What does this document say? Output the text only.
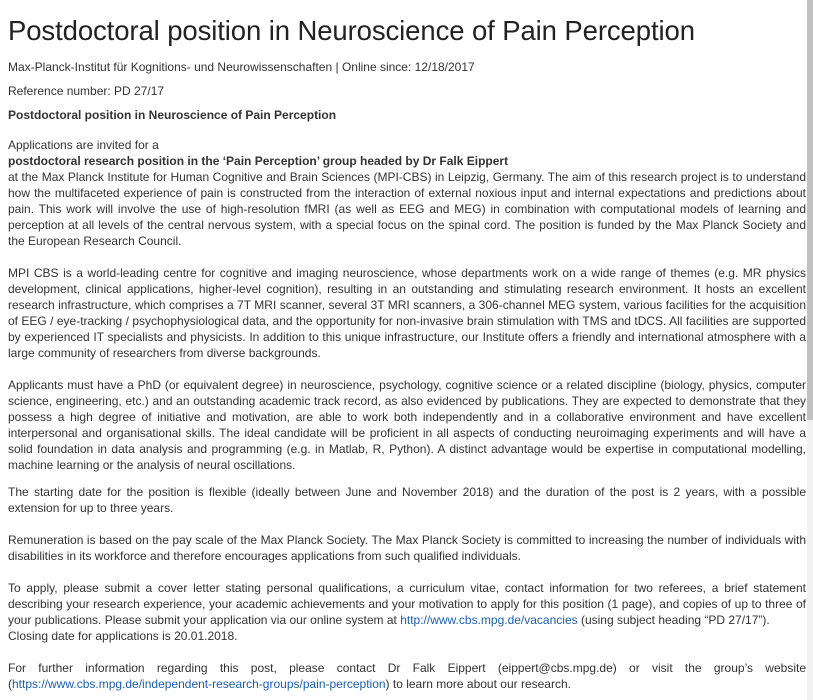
Postdoctoral position in Neuroscience of Pain Perception
Max-Planck-Institut für Kognitions- und Neurowissenschaften | Online since: 12/18/2017
Reference number: PD 27/17
Postdoctoral position in Neuroscience of Pain Perception

Applications are invited for a
postdoctoral research position in the ‘Pain Perception’ group headed by Dr Falk Eippert
at the Max Planck Institute for Human Cognitive and Brain Sciences (MPI-CBS) in Leipzig, Germany. The aim of this research project is to understand how the multifaceted experience of pain is constructed from the interaction of external noxious input and internal expectations and predictions about pain. This work will involve the use of high-resolution fMRI (as well as EEG and MEG) in combination with computational models of learning and perception at all levels of the central nervous system, with a special focus on the spinal cord. The position is funded by the Max Planck Society and the European Research Council.

MPI CBS is a world-leading centre for cognitive and imaging neuroscience, whose departments work on a wide range of themes (e.g. MR physics development, clinical applications, higher-level cognition), resulting in an outstanding and stimulating research environment. It hosts an excellent research infrastructure, which comprises a 7T MRI scanner, several 3T MRI scanners, a 306-channel MEG system, various facilities for the acquisition of EEG / eye-tracking / psychophysiological data, and the opportunity for non-invasive brain stimulation with TMS and tDCS. All facilities are supported by experienced IT specialists and physicists. In addition to this unique infrastructure, our Institute offers a friendly and international atmosphere with a large community of researchers from diverse backgrounds.

Applicants must have a PhD (or equivalent degree) in neuroscience, psychology, cognitive science or a related discipline (biology, physics, computer science, engineering, etc.) and an outstanding academic track record, as also evidenced by publications. They are expected to demonstrate that they possess a high degree of initiative and motivation, are able to work both independently and in a collaborative environment and have excellent interpersonal and organisational skills. The ideal candidate will be proficient in all aspects of conducting neuroimaging experiments and will have a solid foundation in data analysis and programming (e.g. in Matlab, R, Python). A distinct advantage would be expertise in computational modelling, machine learning or the analysis of neural oscillations.

The starting date for the position is flexible (ideally between June and November 2018) and the duration of the post is 2 years, with a possible extension for up to three years.

Remuneration is based on the pay scale of the Max Planck Society. The Max Planck Society is committed to increasing the number of individuals with disabilities in its workforce and therefore encourages applications from such qualified individuals.

To apply, please submit a cover letter stating personal qualifications, a curriculum vitae, contact information for two referees, a brief statement describing your research experience, your academic achievements and your motivation to apply for this position (1 page), and copies of up to three of your publications. Please submit your application via our online system at http://www.cbs.mpg.de/vacancies (using subject heading “PD 27/17”).
Closing date for applications is 20.01.2018.

For further information regarding this post, please contact Dr Falk Eippert (eippert@cbs.mpg.de) or visit the group’s website (https://www.cbs.mpg.de/independent-research-groups/pain-perception) to learn more about our research.
